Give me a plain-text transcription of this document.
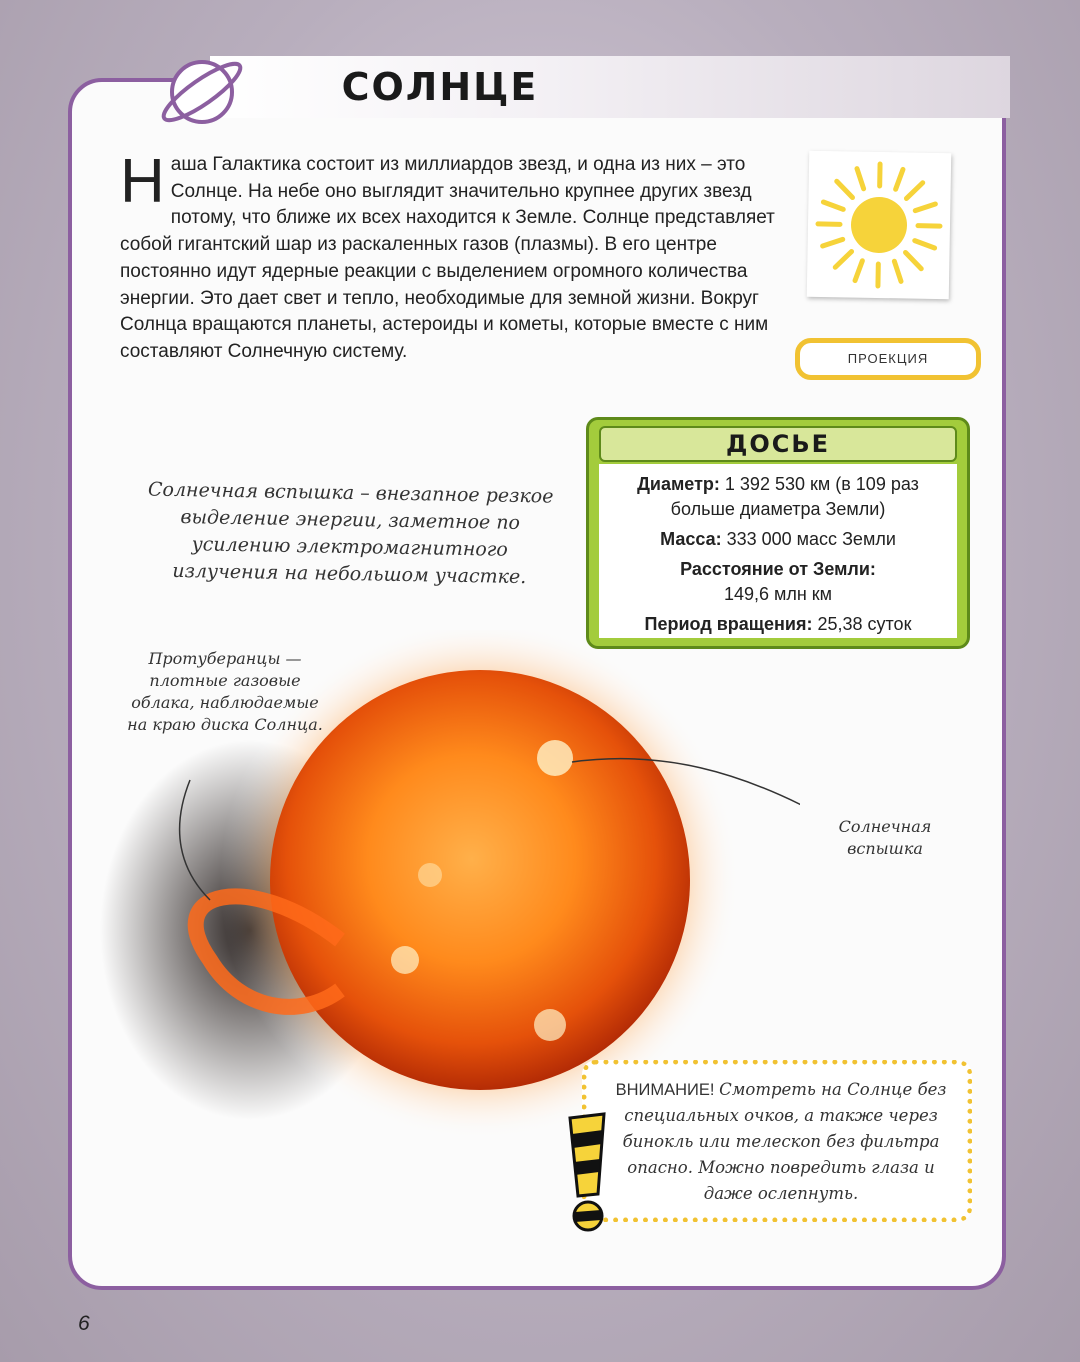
СОЛНЦЕ
Наша Галактика состоит из миллиардов звезд, и одна из них – это Солнце. На небе оно выглядит значительно крупнее других звезд потому, что ближе их всех находится к Земле. Солнце представляет собой гигантский шар из раскаленных газов (плазмы). В его центре постоянно идут ядерные реакции с выделением огромного количества энергии. Это дает свет и тепло, необходимые для земной жизни. Вокруг Солнца вращаются планеты, астероиды и кометы, которые вместе с ним составляют Солнечную систему.	ПРОЕКЦИЯ
ДОСЬЕ

Диаметр: 1 392 530 км (в 109 раз больше диаметра Земли)

Масса: 333 000 масс Земли

Расстояние от Земли:
149,6 млн км

Период вращения: 25,38 суток

Солнечная вспышка – внезапное резкое выделение энергии, заметное по усилению электромагнитного излучения на небольшом участке.
Протуберанцы — плотные газовые облака, наблюдаемые на краю диска Солнца.
Солнечная вспышка
ВНИМАНИЕ! Смотреть на Солнце без специальных очков, а также через бинокль или телескоп без фильтра опасно. Можно повредить глаза и даже ослепнуть.
6
